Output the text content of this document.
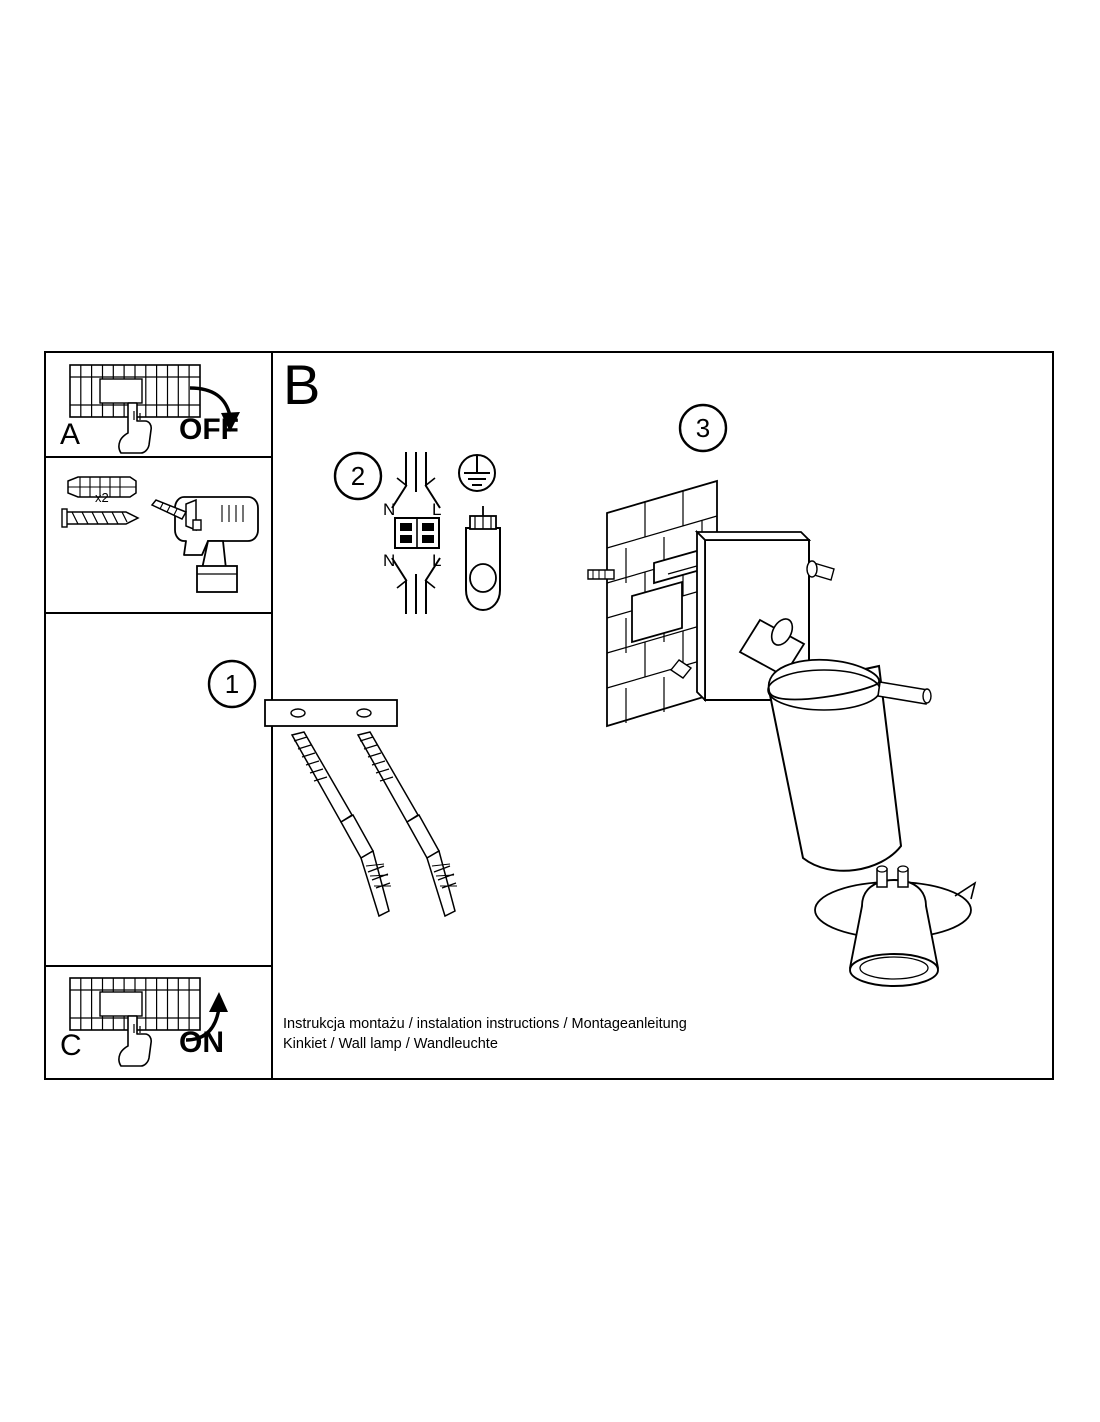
1
2
3
B
A
C
OFF
ON
x2
N L
N L
Instrukcja montażu / instalation instructions / Montageanleitung
Kinkiet / Wall lamp / Wandleuchte
